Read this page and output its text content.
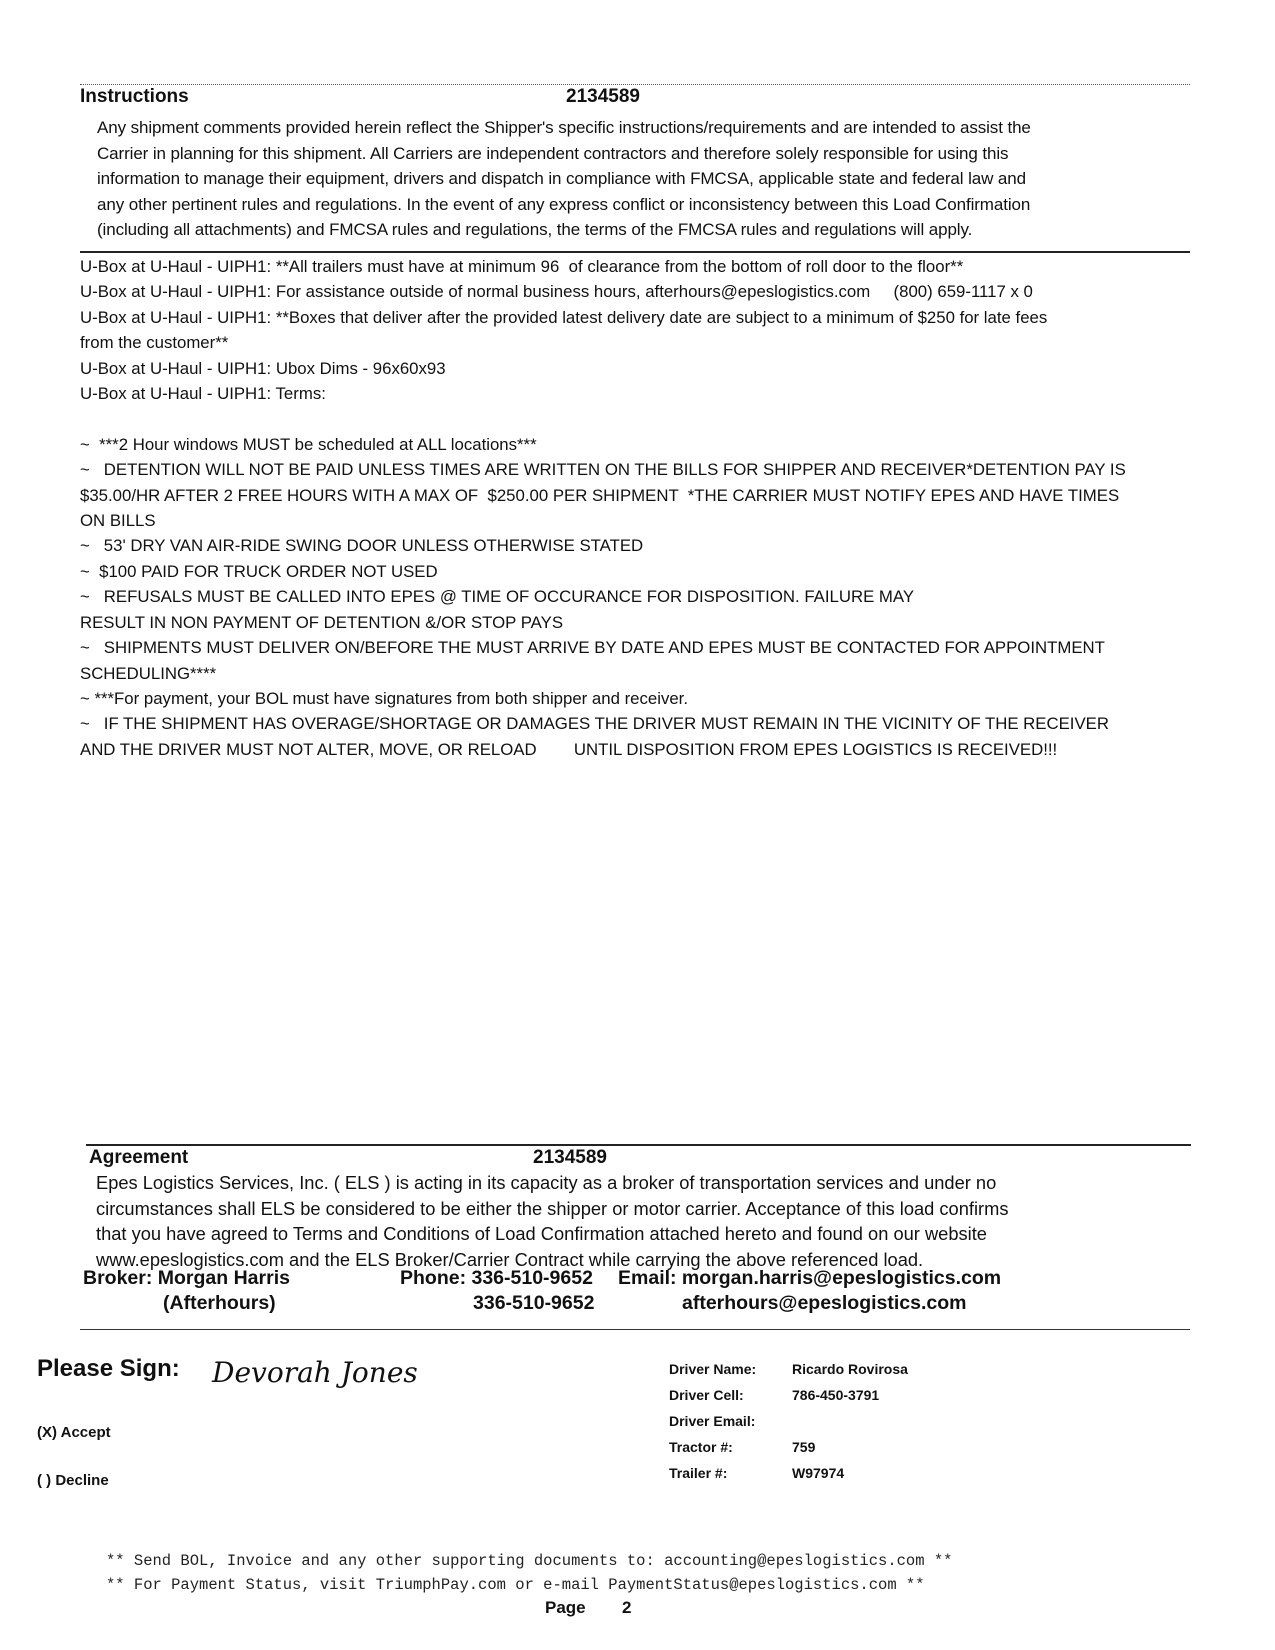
Instructions	2134589
Any shipment comments provided herein reflect the Shipper's specific instructions/requirements and are intended to assist the
Carrier in planning for this shipment. All Carriers are independent contractors and therefore solely responsible for using this
information to manage their equipment, drivers and dispatch in compliance with FMCSA, applicable state and federal law and
any other pertinent rules and regulations. In the event of any express conflict or inconsistency between this Load Confirmation
(including all attachments) and FMCSA rules and regulations, the terms of the FMCSA rules and regulations will apply.
U-Box at U-Haul - UIPH1: **All trailers must have at minimum 96  of clearance from the bottom of roll door to the floor**
U-Box at U-Haul - UIPH1: For assistance outside of normal business hours, afterhours@epeslogistics.com     (800) 659-1117 x 0
U-Box at U-Haul - UIPH1: **Boxes that deliver after the provided latest delivery date are subject to a minimum of $250 for late fees
from the customer**
U-Box at U-Haul - UIPH1: Ubox Dims - 96x60x93
U-Box at U-Haul - UIPH1: Terms:

~  ***2 Hour windows MUST be scheduled at ALL locations***
~   DETENTION WILL NOT BE PAID UNLESS TIMES ARE WRITTEN ON THE BILLS FOR SHIPPER AND RECEIVER*DETENTION PAY IS
$35.00/HR AFTER 2 FREE HOURS WITH A MAX OF  $250.00 PER SHIPMENT  *THE CARRIER MUST NOTIFY EPES AND HAVE TIMES
ON BILLS
~   53' DRY VAN AIR-RIDE SWING DOOR UNLESS OTHERWISE STATED
~  $100 PAID FOR TRUCK ORDER NOT USED
~   REFUSALS MUST BE CALLED INTO EPES @ TIME OF OCCURANCE FOR DISPOSITION. FAILURE MAY
RESULT IN NON PAYMENT OF DETENTION &/OR STOP PAYS
~   SHIPMENTS MUST DELIVER ON/BEFORE THE MUST ARRIVE BY DATE AND EPES MUST BE CONTACTED FOR APPOINTMENT
SCHEDULING****
~ ***For payment, your BOL must have signatures from both shipper and receiver.
~   IF THE SHIPMENT HAS OVERAGE/SHORTAGE OR DAMAGES THE DRIVER MUST REMAIN IN THE VICINITY OF THE RECEIVER
AND THE DRIVER MUST NOT ALTER, MOVE, OR RELOAD        UNTIL DISPOSITION FROM EPES LOGISTICS IS RECEIVED!!!
Agreement	2134589
Epes Logistics Services, Inc. ( ELS ) is acting in its capacity as a broker of transportation services and under no
circumstances shall ELS be considered to be either the shipper or motor carrier. Acceptance of this load confirms
that you have agreed to Terms and Conditions of Load Confirmation attached hereto and found on our website
www.epeslogistics.com and the ELS Broker/Carrier Contract while carrying the above referenced load.
Broker: Morgan Harris	Phone: 336-510-9652 Email: morgan.harris@epeslogistics.com
(Afterhours)	336-510-9652	afterhours@epeslogistics.com
Please Sign: Devorah Jones
(X) Accept
( ) Decline
Driver Name:	Ricardo Rovirosa
Driver Cell:	786-450-3791
Driver Email:
Tractor #:	759
Trailer #:	W97974
** Send BOL, Invoice and any other supporting documents to: accounting@epeslogistics.com **
** For Payment Status, visit TriumphPay.com or e-mail PaymentStatus@epeslogistics.com **
Page 2
